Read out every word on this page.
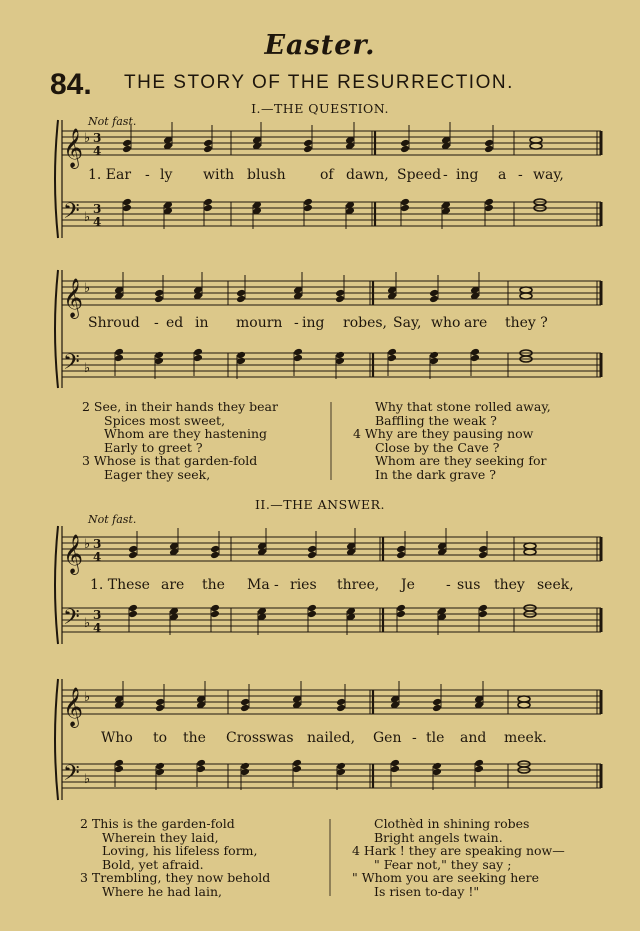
Easter.
84. THE STORY OF THE RESURRECTION.
I.—THE QUESTION.
Not fast.
II.—THE ANSWER.
Not fast.
𝄞 ♭ 3
4
𝄢 ♭
3
4
𝄞 ♭
𝄢 ♭
𝄞 ♭ 3
4
𝄢 ♭
3
4
𝄞 ♭
𝄢 ♭
1. Ear - ly with blush of dawn, Speed - ing a - way,
Shroud - ed in mourn - ing robes, Say, who are they ?
1. These are the Ma - ries three, Je - sus they seek,
Who to the Cross was nailed, Gen - tle and meek.
2 See, in their hands they bear
Spices most sweet,
Whom are they hastening
Early to greet ?
3 Whose is that garden-fold
Eager they seek,
Why that stone rolled away,
Baffling the weak ?
4 Why are they pausing now
Close by the Cave ?
Whom are they seeking for
In the dark grave ?
2 This is the garden-fold
Wherein they laid,
Loving, his lifeless form,
Bold, yet afraid.
3 Trembling, they now behold
Where he had lain,
Clothèd in shining robes
Bright angels twain.
4 Hark ! they are speaking now—
" Fear not," they say ;
" Whom you are seeking here
Is risen to-day !"
